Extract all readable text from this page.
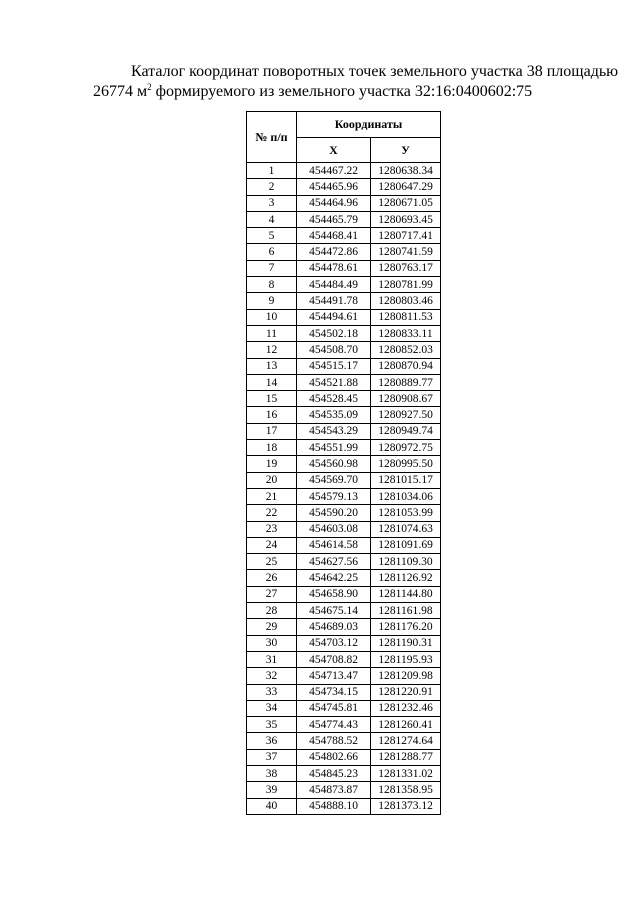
Каталог координат поворотных точек земельного участка 38 площадью
26774 $м^2$ формируемого из земельного участка 32:16:0400602:75
№ п/п	Координаты	
	Х	У
1	454467.22	1280638.34
2	454465.96	1280647.29
3	454464.96	1280671.05
4	454465.79	1280693.45
5	454468.41	1280717.41
6	454472.86	1280741.59
7	454478.61	1280763.17
8	454484.49	1280781.99
9	454491.78	1280803.46
10	454494.61	1280811.53
11	454502.18	1280833.11
12	454508.70	1280852.03
13	454515.17	1280870.94
14	454521.88	1280889.77
15	454528.45	1280908.67
16	454535.09	1280927.50
17	454543.29	1280949.74
18	454551.99	1280972.75
19	454560.98	1280995.50
20	454569.70	1281015.17
21	454579.13	1281034.06
22	454590.20	1281053.99
23	454603.08	1281074.63
24	454614.58	1281091.69
25	454627.56	1281109.30
26	454642.25	1281126.92
27	454658.90	1281144.80
28	454675.14	1281161.98
29	454689.03	1281176.20
30	454703.12	1281190.31
31	454708.82	1281195.93
32	454713.47	1281209.98
33	454734.15	1281220.91
34	454745.81	1281232.46
35	454774.43	1281260.41
36	454788.52	1281274.64
37	454802.66	1281288.77
38	454845.23	1281331.02
39	454873.87	1281358.95
40	454888.10	1281373.12
